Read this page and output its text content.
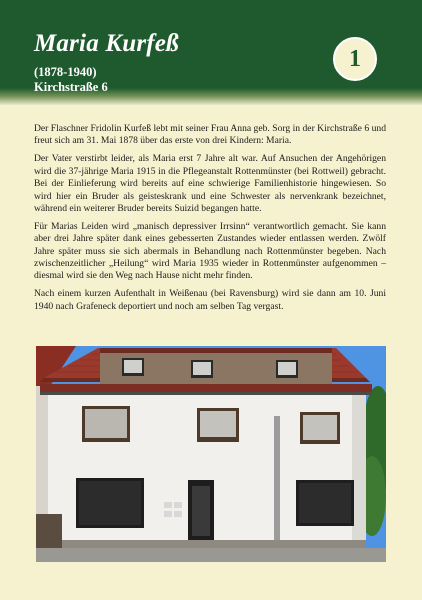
Maria Kurfeß
(1878-1940)
Kirchstraße 6
1

Der Flaschner Fridolin Kurfeß lebt mit seiner Frau Anna geb. Sorg in der Kirchstraße 6 und freut sich am 31. Mai 1878 über das erste von drei Kindern: Maria.

Der Vater verstirbt leider, als Maria erst 7 Jahre alt war. Auf Ansuchen der Angehörigen wird die 37-jährige Maria 1915 in die Pflegeanstalt Rottenmünster (bei Rottweil) gebracht. Bei der Einlieferung wird bereits auf eine schwierige Familienhistorie hingewiesen. So wird hier ein Bruder als geisteskrank und eine Schwester als nervenkrank bezeichnet, während ein weiterer Bruder bereits Suizid begangen hatte.

Für Marias Leiden wird „manisch depressiver Irrsinn“ verantwortlich gemacht. Sie kann aber drei Jahre später dank eines gebesserten Zustandes wieder entlassen werden. Zwölf Jahre später muss sie sich abermals in Behandlung nach Rottenmünster begeben. Nach zwischenzeitlicher „Heilung“ wird Maria 1935 wieder in Rottenmünster aufgenommen – diesmal wird sie den Weg nach Hause nicht mehr finden.

Nach einem kurzen Aufenthalt in Weißenau (bei Ravensburg) wird sie dann am 10. Juni 1940 nach Grafeneck deportiert und noch am selben Tag vergast.
